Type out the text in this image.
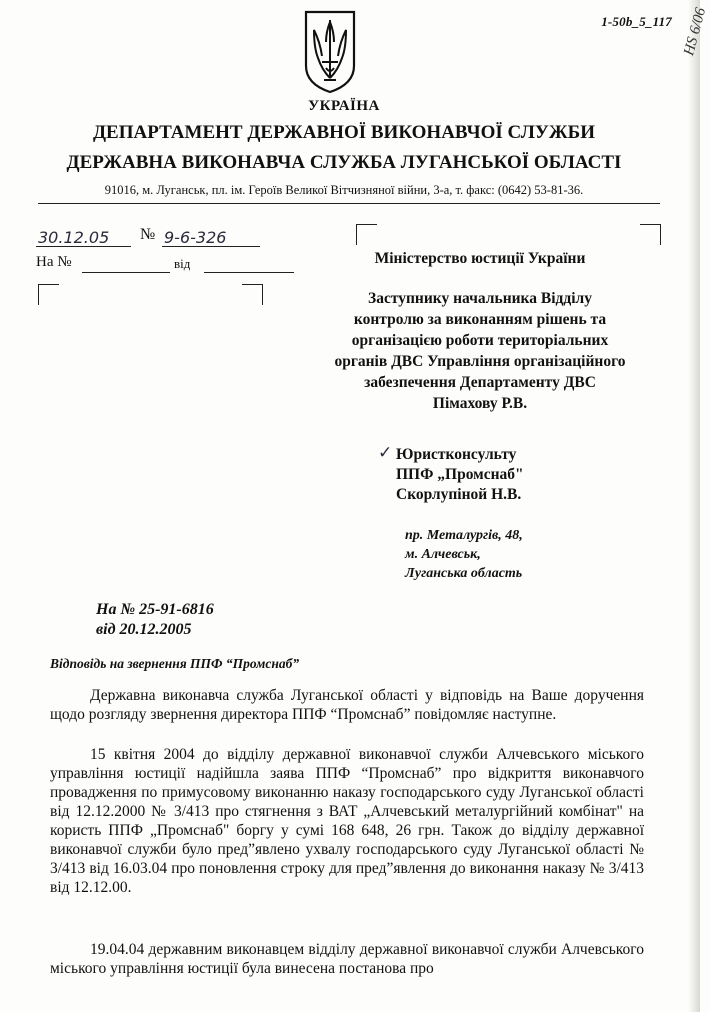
1-50b_5_117 HS 6/06
УКРАЇНА
ДЕПАРТАМЕНТ ДЕРЖАВНОЇ ВИКОНАВЧОЇ СЛУЖБИ
ДЕРЖАВНА ВИКОНАВЧА СЛУЖБА ЛУГАНСЬКОЇ ОБЛАСТІ
91016, м. Луганськ, пл. ім. Героїв Великої Вітчизняної війни, 3-а, т. факс: (0642) 53-81-36.
30.12.05 № 9-6-326
На №	від	Міністерство юстиції України
Заступнику начальника Відділу
контролю за виконанням рішень та
організацією роботи територіальних
органів ДВС Управління організаційного
забезпечення Департаменту ДВС
Пімахову Р.В.
✓ Юристконсульту
ППФ „Промснаб"
Скорлупіной Н.В.
пр. Металургів, 48,
м. Алчевськ,
Луганська область
На № 25-91-6816
від 20.12.2005
Відповідь на звернення ППФ “Промснаб”
Державна виконавча служба Луганської області у відповідь на Ваше доручення щодо розгляду звернення директора ППФ “Промснаб” повідомляє наступне.
15 квітня 2004 до відділу державної виконавчої служби Алчевського міського управління юстиції надійшла заява ППФ “Промснаб” про відкриття виконавчого провадження по примусовому виконанню наказу господарського суду Луганської області від 12.12.2000 № 3/413 про стягнення з ВАТ „Алчевський металургійний комбінат" на користь ППФ „Промснаб" боргу у сумі 168 648, 26 грн. Також до відділу державної виконавчої служби було пред”явлено ухвалу господарського суду Луганської області № 3/413 від 16.03.04 про поновлення строку для пред”явлення до виконання наказу № 3/413 від 12.12.00.
19.04.04 державним виконавцем відділу державної виконавчої служби Алчевського міського управління юстиції була винесена постанова про
